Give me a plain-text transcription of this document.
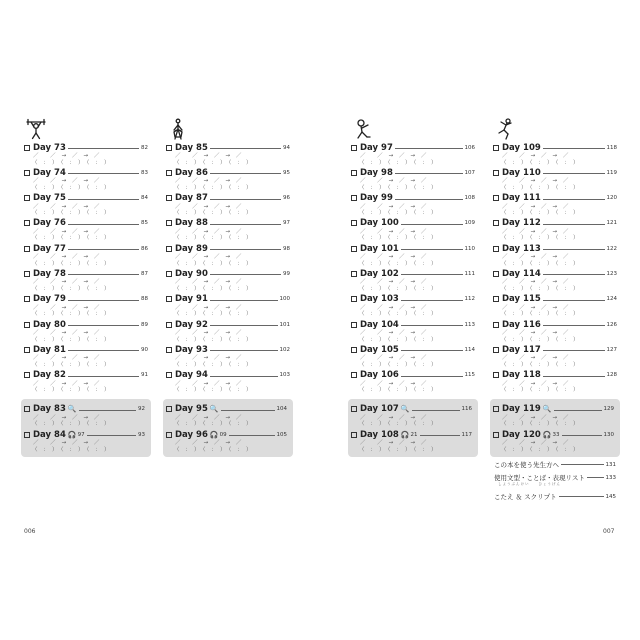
Day 73	82
／　　／　→　／　→　／
（　：　）　（　：　）　（　：　）
Day 74	83
／　　／　→　／　→　／
（　：　）　（　：　）　（　：　）
Day 75	84
／　　／　→　／　→　／
（　：　）　（　：　）　（　：　）
Day 76	85
／　　／　→　／　→　／
（　：　）　（　：　）　（　：　）
Day 77	86
／　　／　→　／　→　／
（　：　）　（　：　）　（　：　）
Day 78	87
／　　／　→　／　→　／
（　：　）　（　：　）　（　：　）
Day 79	88
／　　／　→　／　→　／
（　：　）　（　：　）　（　：　）
Day 80	89
／　　／　→　／　→　／
（　：　）　（　：　）　（　：　）
Day 81	90
／　　／　→　／　→　／
（　：　）　（　：　）　（　：　）
Day 82	91
／　　／　→　／　→　／
（　：　）　（　：　）　（　：　）
Day 83 🔍	92
／　　／　→　／　→　／
（　：　）　（　：　）　（　：　）
Day 84 🎧 97	93
／　　／　→　／　→　／
（　：　）　（　：　）　（　：　）
Day 85	94
／　　／　→　／　→　／
（　：　）　（　：　）　（　：　）
Day 86	95
／　　／　→　／　→　／
（　：　）　（　：　）　（　：　）
Day 87	96
／　　／　→　／　→　／
（　：　）　（　：　）　（　：　）
Day 88	97
／　　／　→　／　→　／
（　：　）　（　：　）　（　：　）
Day 89	98
／　　／　→　／　→　／
（　：　）　（　：　）　（　：　）
Day 90	99
／　　／　→　／　→　／
（　：　）　（　：　）　（　：　）
Day 91	100
／　　／　→　／　→　／
（　：　）　（　：　）　（　：　）
Day 92	101
／　　／　→　／　→　／
（　：　）　（　：　）　（　：　）
Day 93	102
／　　／　→　／　→　／
（　：　）　（　：　）　（　：　）
Day 94	103
／　　／　→　／　→　／
（　：　）　（　：　）　（　：　）
Day 95 🔍	104
／　　／　→　／　→　／
（　：　）　（　：　）　（　：　）
Day 96 🎧 09	105
／　　／　→　／　→　／
（　：　）　（　：　）　（　：　）
Day 97	106
／　　／　→　／　→　／
（　：　）　（　：　）　（　：　）
Day 98	107
／　　／　→　／　→　／
（　：　）　（　：　）　（　：　）
Day 99	108
／　　／　→　／　→　／
（　：　）　（　：　）　（　：　）
Day 100	109
／　　／　→　／　→　／
（　：　）　（　：　）　（　：　）
Day 101	110
／　　／　→　／　→　／
（　：　）　（　：　）　（　：　）
Day 102	111
／　　／　→　／　→　／
（　：　）　（　：　）　（　：　）
Day 103	112
／　　／　→　／　→　／
（　：　）　（　：　）　（　：　）
Day 104	113
／　　／　→　／　→　／
（　：　）　（　：　）　（　：　）
Day 105	114
／　　／　→　／　→　／
（　：　）　（　：　）　（　：　）
Day 106	115
／　　／　→　／　→　／
（　：　）　（　：　）　（　：　）
Day 107 🔍	116
／　　／　→　／　→　／
（　：　）　（　：　）　（　：　）
Day 108 🎧 21	117
／　　／　→　／　→　／
（　：　）　（　：　）　（　：　）
Day 109	118
／　　／　→　／　→　／
（　：　）　（　：　）　（　：　）
Day 110	119
／　　／　→　／　→　／
（　：　）　（　：　）　（　：　）
Day 111	120
／　　／　→　／　→　／
（　：　）　（　：　）　（　：　）
Day 112	121
／　　／　→　／　→　／
（　：　）　（　：　）　（　：　）
Day 113	122
／　　／　→　／　→　／
（　：　）　（　：　）　（　：　）
Day 114	123
／　　／　→　／　→　／
（　：　）　（　：　）　（　：　）
Day 115	124
／　　／　→　／　→　／
（　：　）　（　：　）　（　：　）
Day 116	126
／　　／　→　／　→　／
（　：　）　（　：　）　（　：　）
Day 117	127
／　　／　→　／　→　／
（　：　）　（　：　）　（　：　）
Day 118	128
／　　／　→　／　→　／
（　：　）　（　：　）　（　：　）
Day 119 🔍	129
／　　／　→　／　→　／
（　：　）　（　：　）　（　：　）
Day 120 🎧 33	130
／　　／　→　／　→　／
（　：　）　（　：　）　（　：　）
この本を使う先生方へ	131
使用文型・ことば・表現リスト	133
しようぶんけい　　ひょうげん
こたえ ＆ スクリプト	145
006	007
